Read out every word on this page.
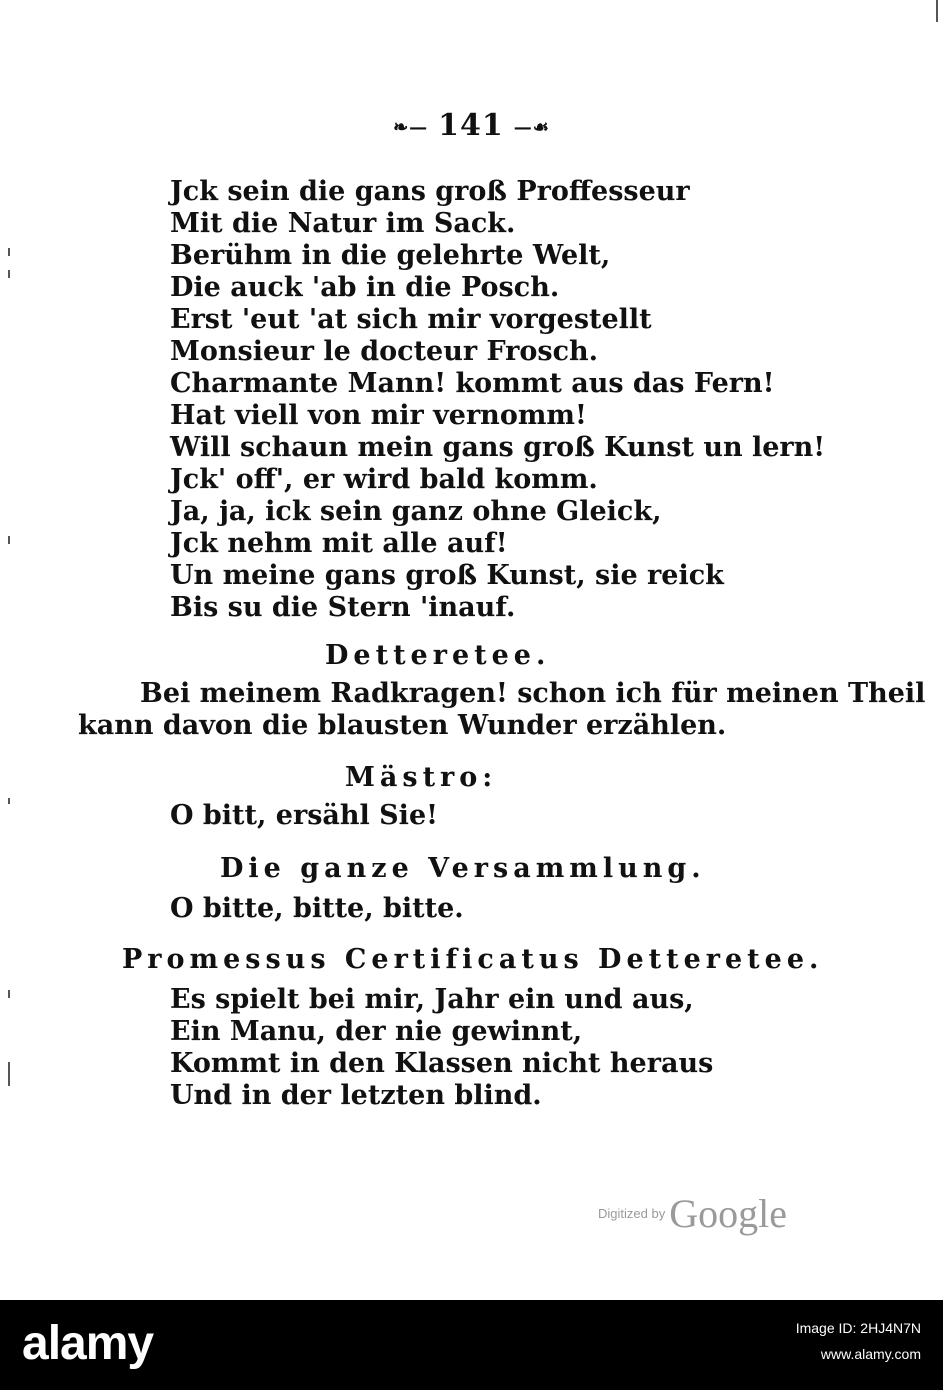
❧— 141 —☙
Jck sein die gans groß Proffesseur
Mit die Natur im Sack.
Berühm in die gelehrte Welt,
Die auck 'ab in die Posch.
Erst 'eut 'at sich mir vorgestellt
Monsieur le docteur Frosch.
Charmante Mann! kommt aus das Fern!
Hat viell von mir vernomm!
Will schaun mein gans groß Kunst un lern!
Jck' off', er wird bald komm.
Ja, ja, ick sein ganz ohne Gleick,
Jck nehm mit alle auf!
Un meine gans groß Kunst, sie reick
Bis su die Stern 'inauf.
Detteretee.
Bei meinem Radkragen! schon ich für meinen Theil
kann davon die blausten Wunder erzählen.
Mästro:
O bitt, ersähl Sie!
Die ganze Versammlung.
O bitte, bitte, bitte.
Promessus Certificatus Detteretee.
Es spielt bei mir, Jahr ein und aus,
Ein Manu, der nie gewinnt,
Kommt in den Klassen nicht heraus
Und in der letzten blind.
Digitized by Google
alamy	Image ID: 2HJ4N7N
www.alamy.com
